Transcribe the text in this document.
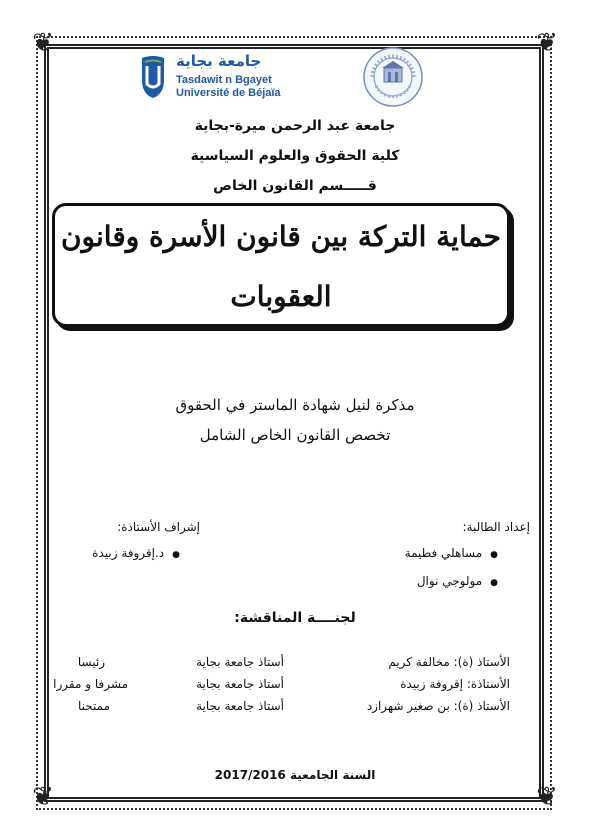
❦	❦
❦	❦
جامعة بجاية
Tasdawit n Bgayet
Université de Béjaïa
جامعة عبد الرحمن ميرة-بجاية
كلية الحقوق والعلوم السياسية
قـــــسم القانون الخاص
حماية التركة بين قانون الأسرة وقانون
العقوبات
مذكرة لنيل شهادة الماستر في الحقوق
تخصص القانون الخاص الشامل
إعداد الطالبة:
● مساهلي فطيمة
● مولوجي نوال
إشراف الأستاذة:
● د.إقروفة زبيدة
لجنــــة المناقشة:
الأستاذ (ة): مخالفة كريم
أستاذ جامعة بجاية
رئيسا
الأستاذة: إقروفة زبيدة
أستاذ جامعة بجاية
مشرفا و مقررا
الأستاذ (ة): بن صغير شهرازد
أستاذ جامعة بجاية
ممتحنا
السنة الجامعية 2017/2016
